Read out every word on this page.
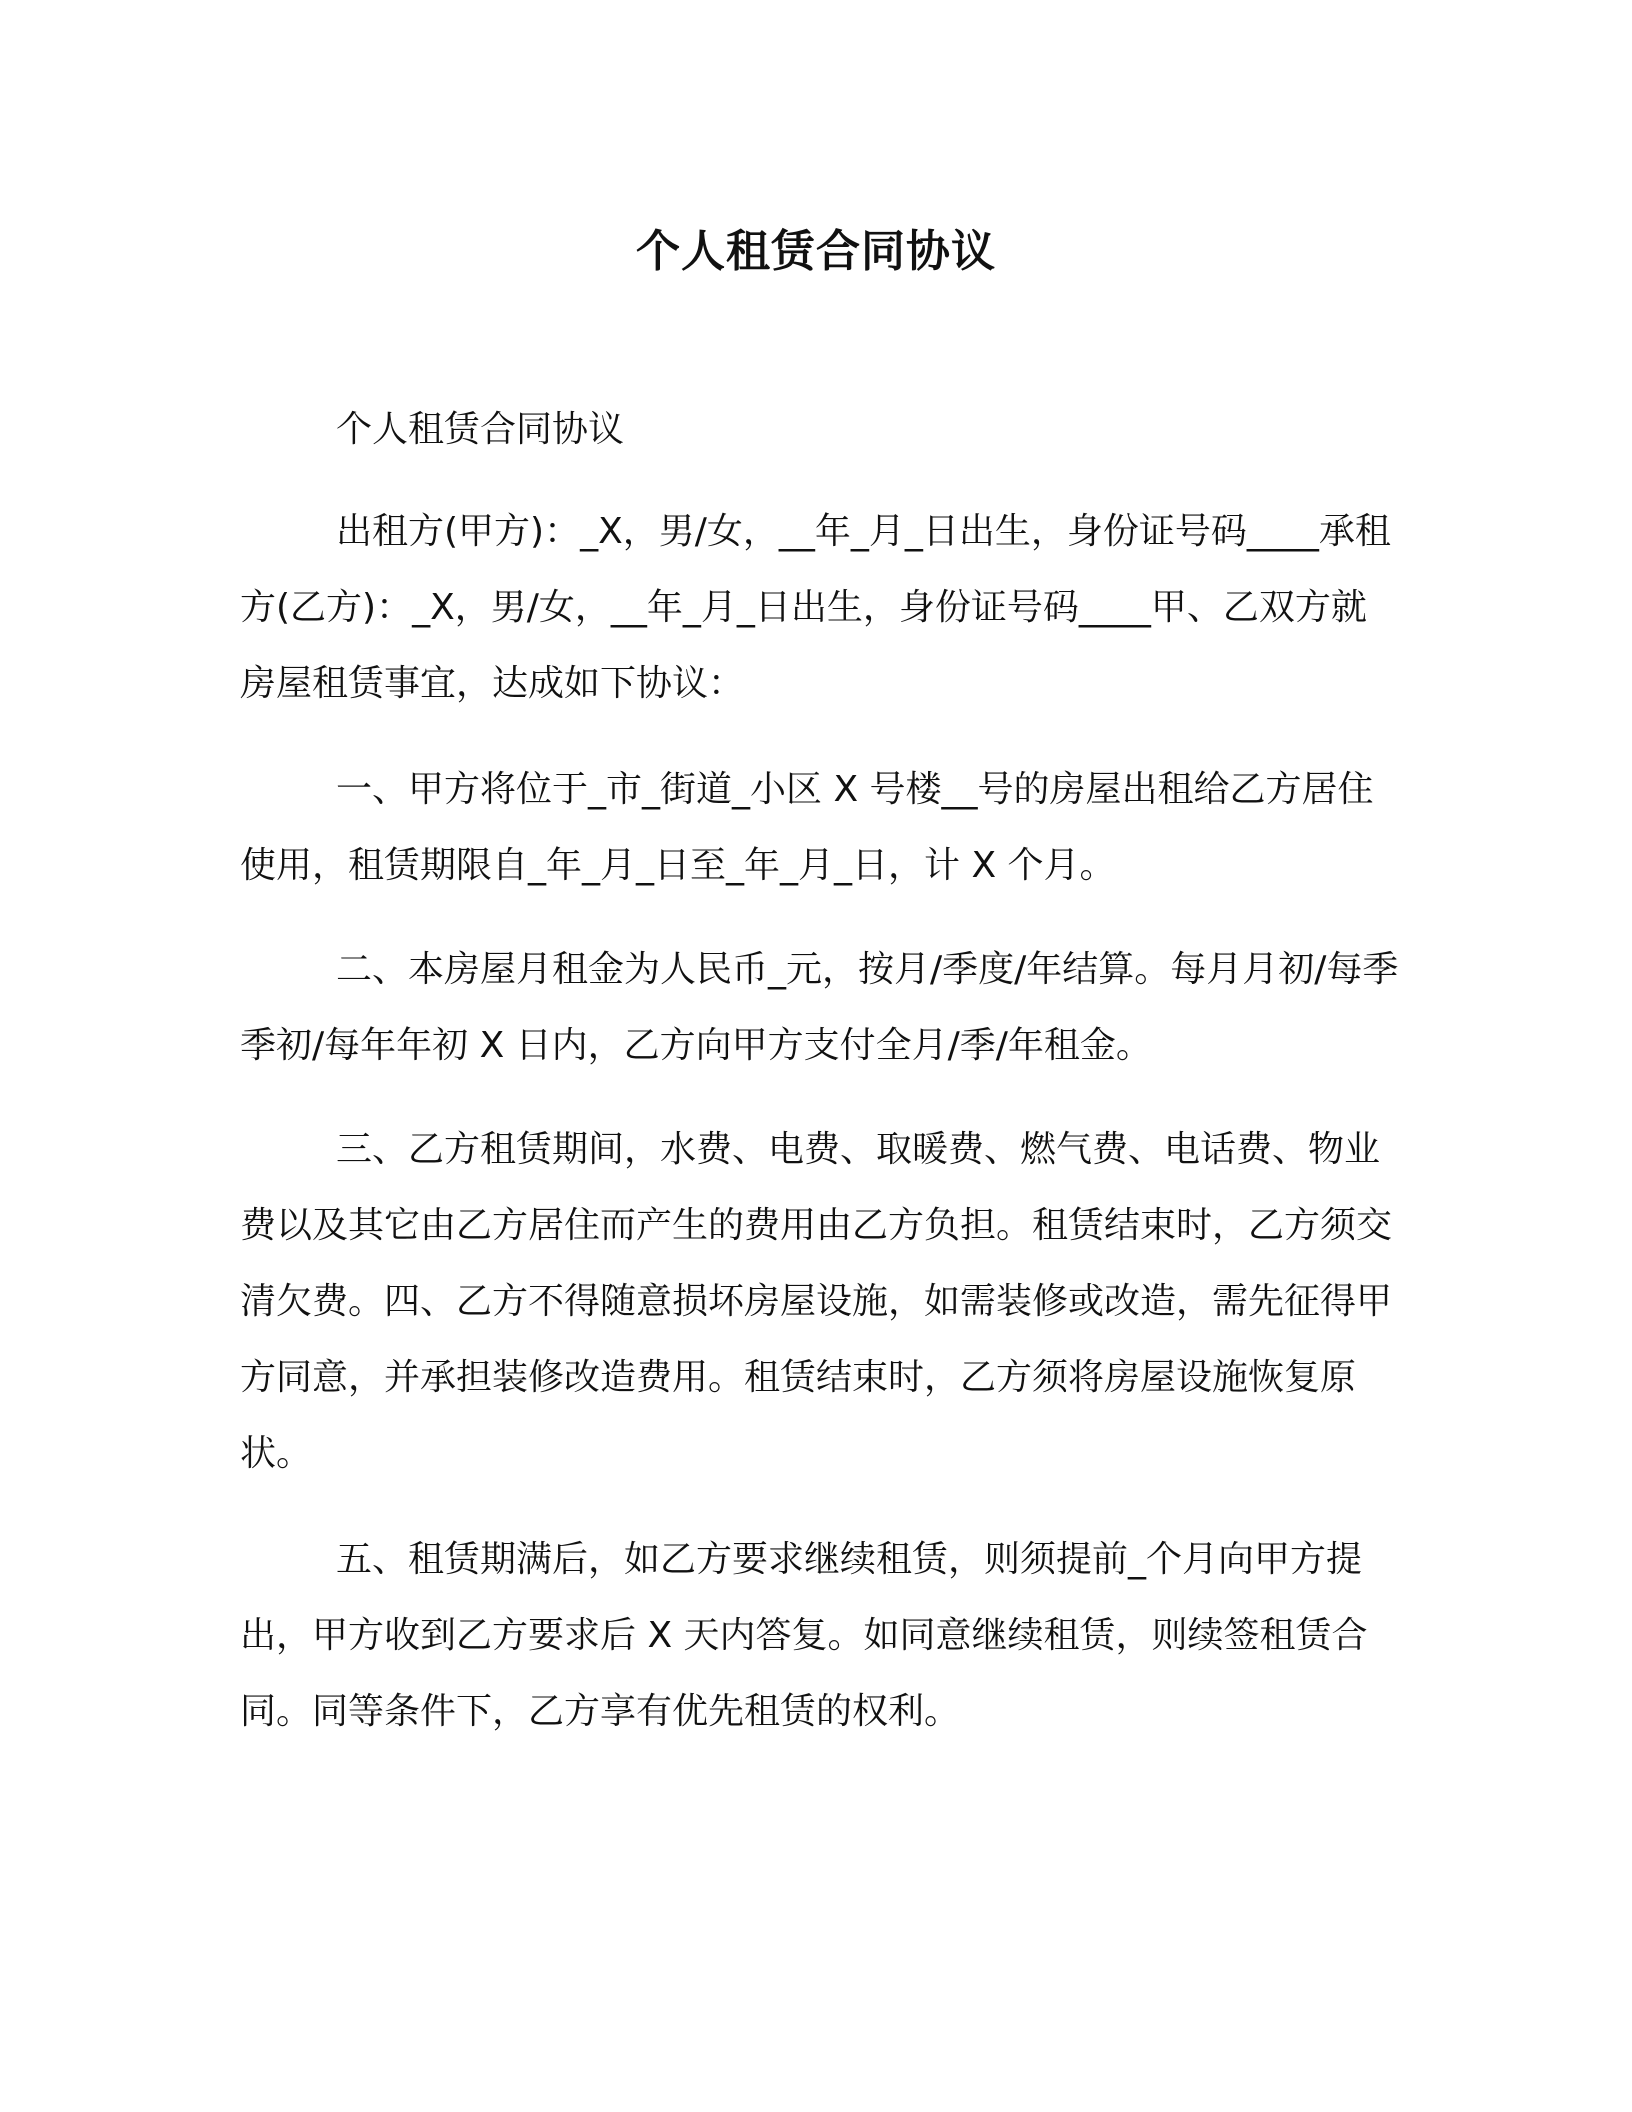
个人租赁合同协议

个人租赁合同协议

出租方(甲方)：_X，男/女，__年_月_日出生，身份证号码____承租方(乙方)：_X，男/女，__年_月_日出生，身份证号码____甲、乙双方就房屋租赁事宜，达成如下协议：

一、甲方将位于_市_街道_小区 X 号楼__号的房屋出租给乙方居住使用，租赁期限自_年_月_日至_年_月_日，计 X 个月。

二、本房屋月租金为人民币_元，按月/季度/年结算。每月月初/每季季初/每年年初 X 日内，乙方向甲方支付全月/季/年租金。

三、乙方租赁期间，水费、电费、取暖费、燃气费、电话费、物业费以及其它由乙方居住而产生的费用由乙方负担。租赁结束时，乙方须交清欠费。四、乙方不得随意损坏房屋设施，如需装修或改造，需先征得甲方同意，并承担装修改造费用。租赁结束时，乙方须将房屋设施恢复原状。

五、租赁期满后，如乙方要求继续租赁，则须提前_个月向甲方提出，甲方收到乙方要求后 X 天内答复。如同意继续租赁，则续签租赁合同。同等条件下，乙方享有优先租赁的权利。
